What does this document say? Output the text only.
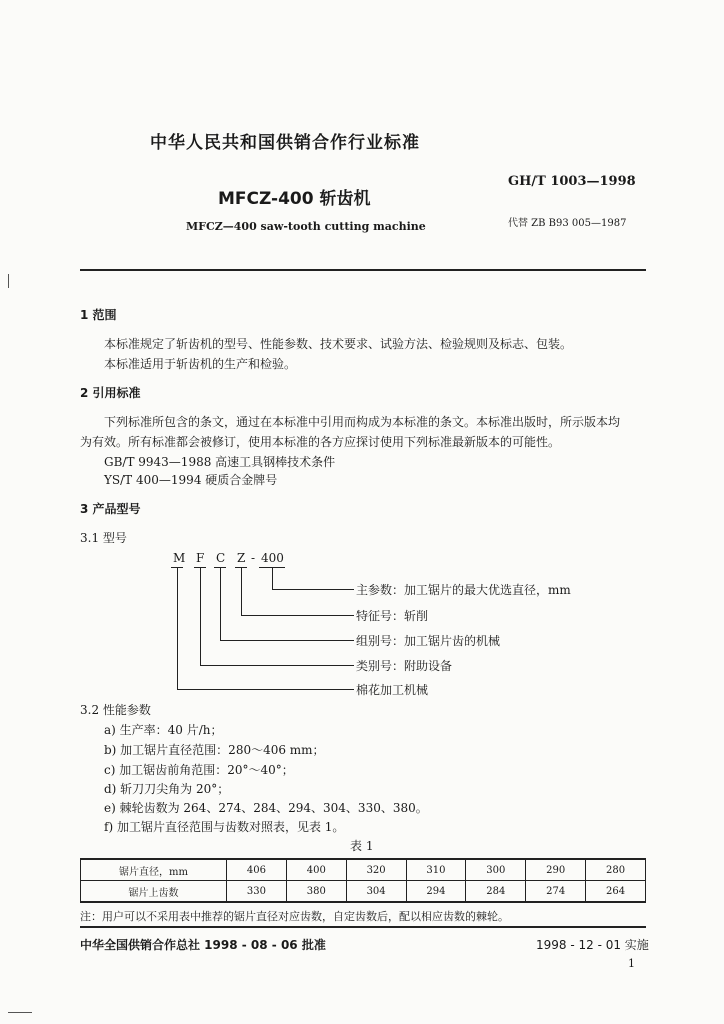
中华人民共和国供销合作行业标准
GH/T 1003—1998
MFCZ-400 斩齿机
MFCZ—400 saw-tooth cutting machine	代替 ZB B93 005—1987
1 范围
本标准规定了斩齿机的型号、性能参数、技术要求、试验方法、检验规则及标志、包装。
本标准适用于斩齿机的生产和检验。
2 引用标准
下列标准所包含的条文，通过在本标准中引用而构成为本标准的条文。本标准出版时，所示版本均
为有效。所有标准都会被修订，使用本标准的各方应探讨使用下列标准最新版本的可能性。
GB/T 9943—1988 高速工具钢棒技术条件
YS/T 400—1994 硬质合金牌号
3 产品型号
3.1 型号
M F C Z - 400
主参数：加工锯片的最大优选直径，mm
特征号：斩削
组别号：加工锯片齿的机械
类别号：附助设备
棉花加工机械
3.2 性能参数
a) 生产率：40 片/h；
b) 加工锯片直径范围：280～406 mm；
c) 加工锯齿前角范围：20°～40°；
d) 斩刀刀尖角为 20°；
e) 棘轮齿数为 264、274、284、294、304、330、380。
f) 加工锯片直径范围与齿数对照表，见表 1。
表 1
锯片直径，mm	406	400	320	310	300	290	280
锯片上齿数	330	380	304	294	284	274	264
注：用户可以不采用表中推荐的锯片直径对应齿数，自定齿数后，配以相应齿数的棘轮。
中华全国供销合作总社 1998 - 08 - 06 批准	1998 - 12 - 01 实施
1
